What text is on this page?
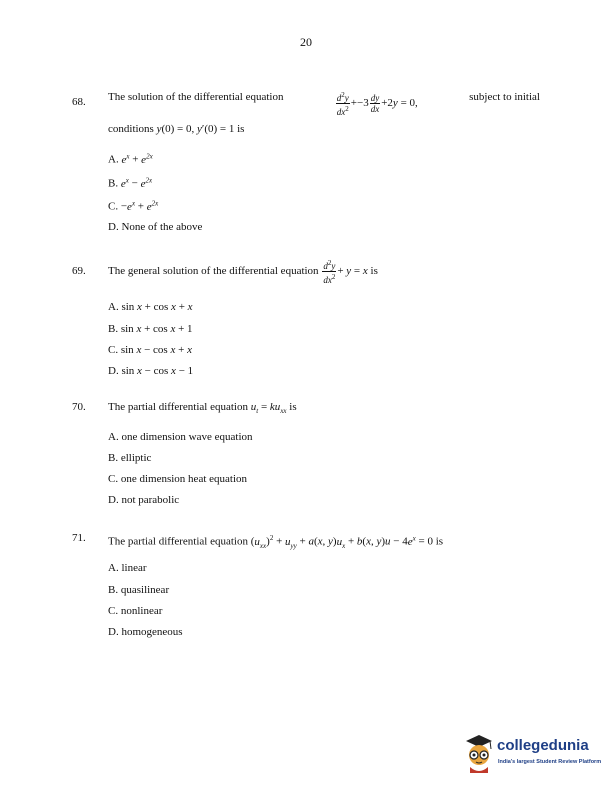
20
68. The solution of the differential equation	$\frac{d^2y}{dx^2} +-3 \frac{dy}{dx} +2y = 0$,
subject to initial
conditions y(0) = 0, y′(0) = 1 is
A. $e^x + e^{2x}$
B. $e^x - e^{2x}$
C. $-e^x + e^{2x}$
D. None of the above
69. The general solution of the differential equation $\frac{d^2y}{dx^2} + y = x$ is
A. sin x + cos x + x
B. sin x + cos x + 1
C. sin x − cos x + x
D. sin x − cos x − 1
70. The partial differential equation $u_t = ku_{xx}$ is
A. one dimension wave equation
B. elliptic
C. one dimension heat equation
D. not parabolic
71. The partial differential equation $(u_{xx})^2 + u_{yy} + a(x$, $y)u_x + b(x$, $y)u - 4e^x = 0$ is
A. linear
B. quasilinear
C. nonlinear
D. homogeneous
collegedunia
India's largest Student Review Platform
